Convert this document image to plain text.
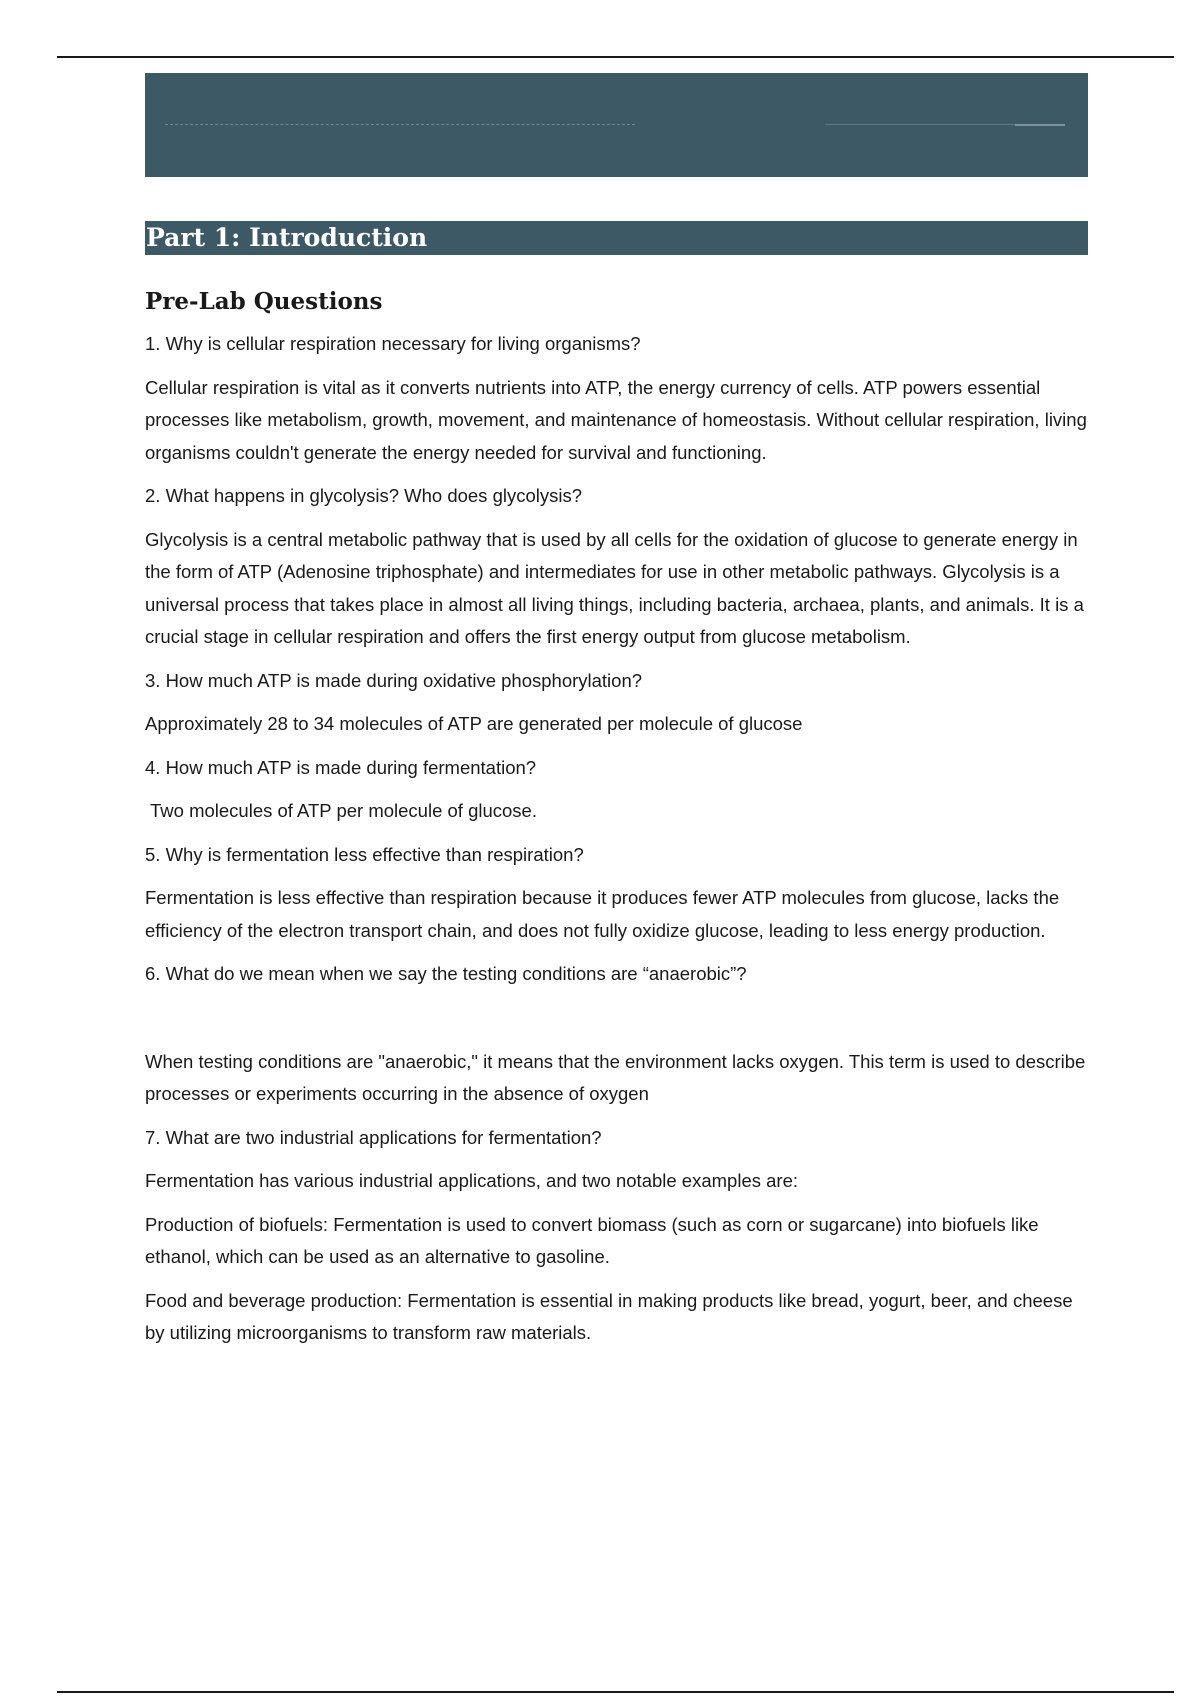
Part 1: Introduction
Pre-Lab Questions

1. Why is cellular respiration necessary for living organisms?

Cellular respiration is vital as it converts nutrients into ATP, the energy currency of cells. ATP powers essential processes like metabolism, growth, movement, and maintenance of homeostasis. Without cellular respiration, living organisms couldn't generate the energy needed for survival and functioning.

2. What happens in glycolysis? Who does glycolysis?

Glycolysis is a central metabolic pathway that is used by all cells for the oxidation of glucose to generate energy in the form of ATP (Adenosine triphosphate) and intermediates for use in other metabolic pathways. Glycolysis is a universal process that takes place in almost all living things, including bacteria, archaea, plants, and animals. It is a crucial stage in cellular respiration and offers the first energy output from glucose metabolism.

3. How much ATP is made during oxidative phosphorylation?

Approximately 28 to 34 molecules of ATP are generated per molecule of glucose

4. How much ATP is made during fermentation?

Two molecules of ATP per molecule of glucose.

5. Why is fermentation less effective than respiration?

Fermentation is less effective than respiration because it produces fewer ATP molecules from glucose, lacks the efficiency of the electron transport chain, and does not fully oxidize glucose, leading to less energy production.

6. What do we mean when we say the testing conditions are “anaerobic”?

When testing conditions are "anaerobic," it means that the environment lacks oxygen. This term is used to describe processes or experiments occurring in the absence of oxygen

7. What are two industrial applications for fermentation?

Fermentation has various industrial applications, and two notable examples are:

Production of biofuels: Fermentation is used to convert biomass (such as corn or sugarcane) into biofuels like ethanol, which can be used as an alternative to gasoline.

Food and beverage production: Fermentation is essential in making products like bread, yogurt, beer, and cheese by utilizing microorganisms to transform raw materials.
